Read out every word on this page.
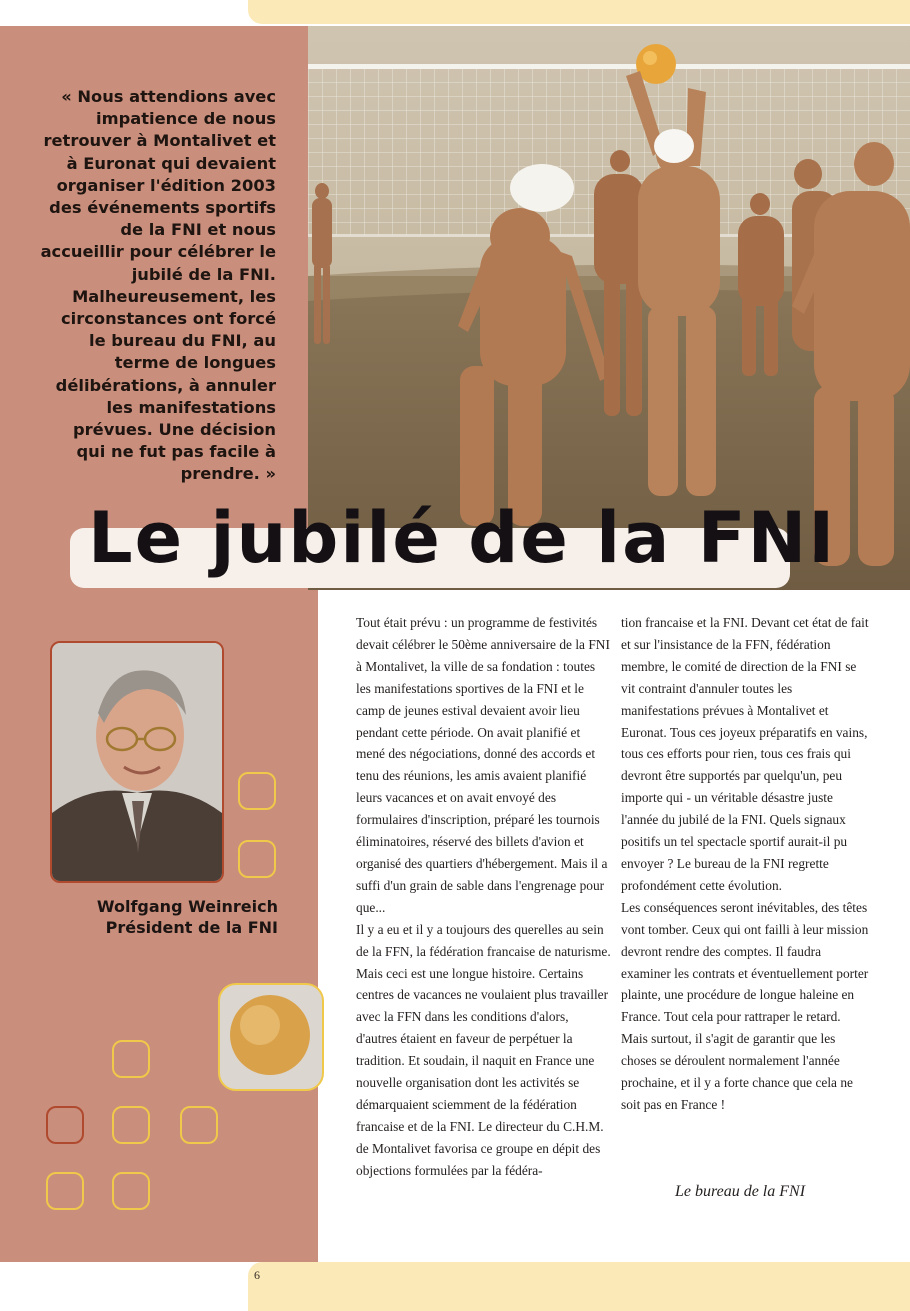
« Nous attendions avec impatience de nous retrouver à Montalivet et à Euronat qui devaient organiser l'édition 2003 des événements sportifs de la FNI et nous accueillir pour célébrer le jubilé de la FNI. Malheureusement, les circonstances ont forcé le bureau du FNI, au terme de longues délibérations, à annuler les manifestations prévues. Une décision qui ne fut pas facile à prendre. »

Le jubilé de la FNI

Wolfgang Weinreich
Président de la FNI

Tout était prévu : un programme de festivités devait célébrer le 50ème anniversaire de la FNI à Montalivet, la ville de sa fondation : toutes les manifestations sportives de la FNI et le camp de jeunes estival devaient avoir lieu pendant cette période. On avait planifié et mené des négociations, donné des accords et tenu des réunions, les amis avaient planifié leurs vacances et on avait envoyé des formulaires d'inscription, préparé les tournois éliminatoires, réservé des billets d'avion et organisé des quartiers d'hébergement. Mais il a suffi d'un grain de sable dans l'engrenage pour que...

Il y a eu et il y a toujours des querelles au sein de la FFN, la fédération francaise de naturisme. Mais ceci est une longue histoire. Certains centres de vacances ne voulaient plus travailler avec la FFN dans les conditions d'alors, d'autres étaient en faveur de perpétuer la tradition. Et soudain, il naquit en France une nouvelle organisation dont les activités se démarquaient sciemment de la fédération francaise et de la FNI. Le directeur du C.H.M. de Montalivet favorisa ce groupe en dépit des objections formulées par la fédéra-

tion francaise et la FNI. Devant cet état de fait et sur l'insistance de la FFN, fédération membre, le comité de direction de la FNI se vit contraint d'annuler toutes les manifestations prévues à Montalivet et Euronat. Tous ces joyeux préparatifs en vains, tous ces efforts pour rien, tous ces frais qui devront être supportés par quelqu'un, peu importe qui - un véritable désastre juste l'année du jubilé de la FNI. Quels signaux positifs un tel spectacle sportif aurait-il pu envoyer ? Le bureau de la FNI regrette profondément cette évolution.

Les conséquences seront inévitables, des têtes vont tomber. Ceux qui ont failli à leur mission devront rendre des comptes. Il faudra examiner les contrats et éventuellement porter plainte, une procédure de longue haleine en France. Tout cela pour rattraper le retard. Mais surtout, il s'agit de garantir que les choses se déroulent normalement l'année prochaine, et il y a forte chance que cela ne soit pas en France !

Le bureau de la FNI

6
